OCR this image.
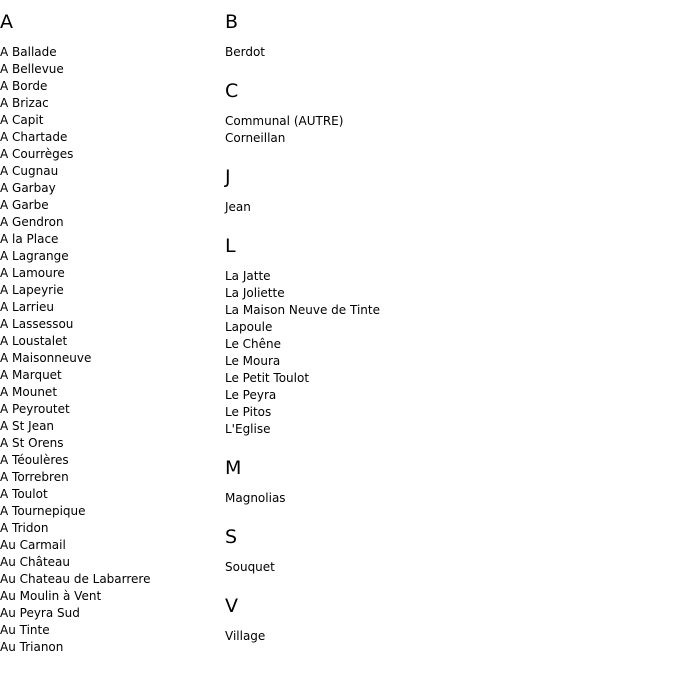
A
A Ballade
A Bellevue
A Borde
A Brizac
A Capit
A Chartade
A Courrèges
A Cugnau
A Garbay
A Garbe
A Gendron
A la Place
A Lagrange
A Lamoure
A Lapeyrie
A Larrieu
A Lassessou
A Loustalet
A Maisonneuve
A Marquet
A Mounet
A Peyroutet
A St Jean
A St Orens
A Téoulères
A Torrebren
A Toulot
A Tournepique
A Tridon
Au Carmail
Au Château
Au Chateau de Labarrere
Au Moulin à Vent
Au Peyra Sud
Au Tinte
Au Trianon
B
Berdot
C
Communal (AUTRE)
Corneillan
J
Jean
L
La Jatte
La Joliette
La Maison Neuve de Tinte
Lapoule
Le Chêne
Le Moura
Le Petit Toulot
Le Peyra
Le Pitos
L'Eglise
M
Magnolias
S
Souquet
V
Village
